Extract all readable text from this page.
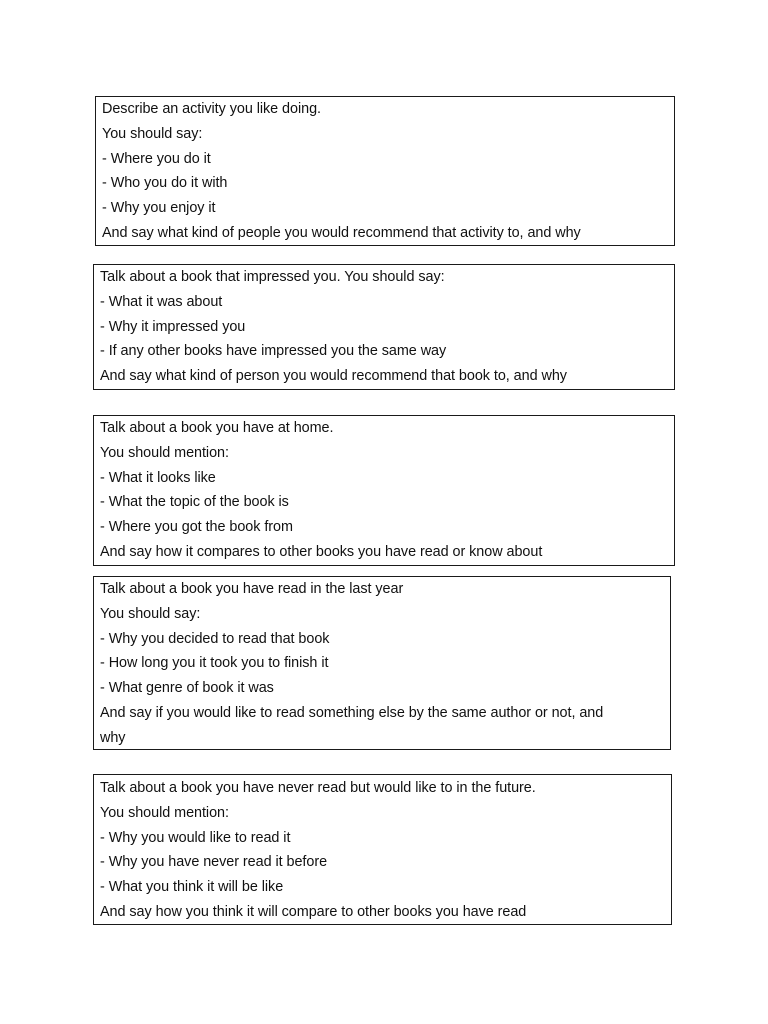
Describe an activity you like doing.
You should say:
- Where you do it
- Who you do it with
- Why you enjoy it
And say what kind of people you would recommend that activity to, and why
Talk about a book that impressed you. You should say:
- What it was about
- Why it impressed you
- If any other books have impressed you the same way
And say what kind of person you would recommend that book to, and why
Talk about a book you have at home.
You should mention:
- What it looks like
- What the topic of the book is
- Where you got the book from
And say how it compares to other books you have read or know about
Talk about a book you have read in the last year
You should say:
- Why you decided to read that book
- How long you it took you to finish it
- What genre of book it was
And say if you would like to read something else by the same author or not, and
why
Talk about a book you have never read but would like to in the future.
You should mention:
- Why you would like to read it
- Why you have never read it before
- What you think it will be like
And say how you think it will compare to other books you have read
